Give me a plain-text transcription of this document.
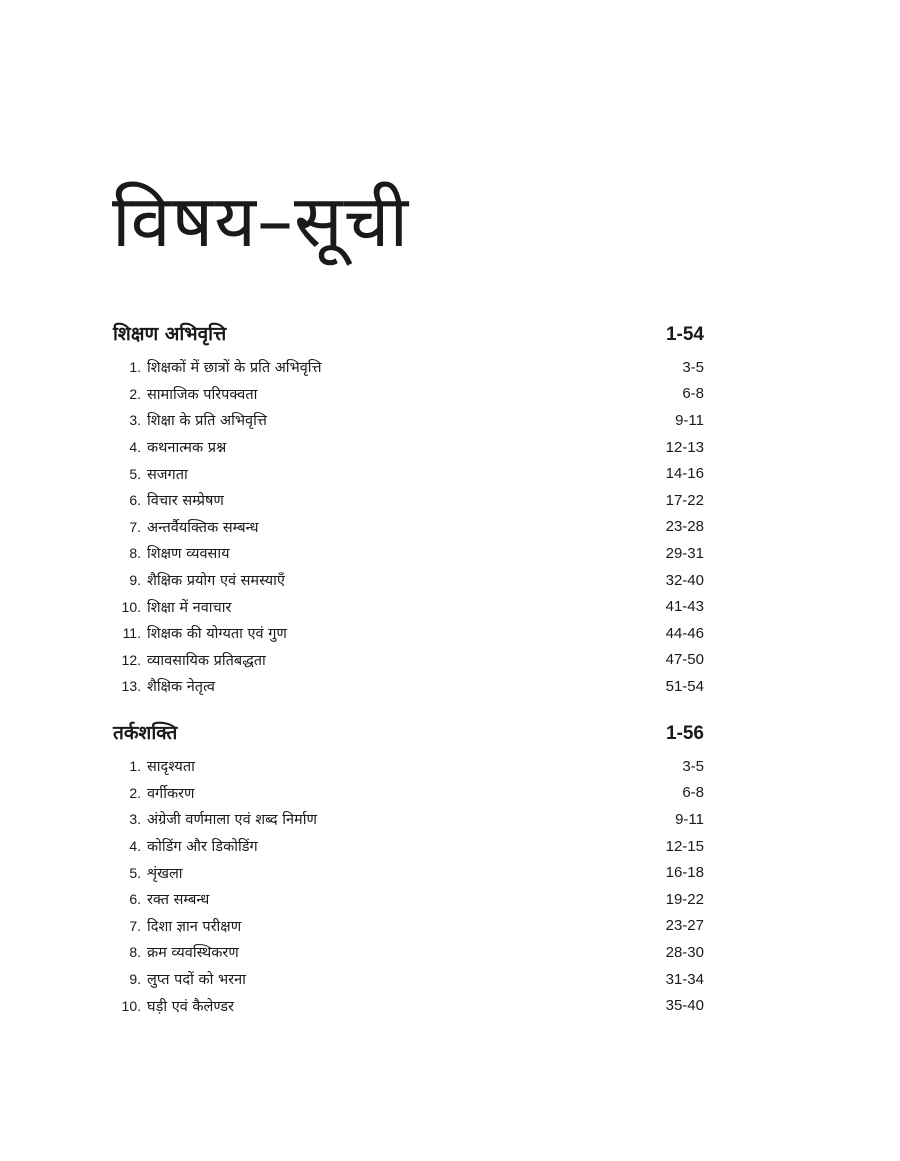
विषय–सूची
शिक्षण अभिवृत्ति	1-54
1. शिक्षकों में छात्रों के प्रति अभिवृत्ति	3-5
2. सामाजिक परिपक्वता	6-8
3. शिक्षा के प्रति अभिवृत्ति	9-11
4. कथनात्मक प्रश्न	12-13
5. सजगता	14-16
6. विचार सम्प्रेषण	17-22
7. अन्तर्वैयक्तिक सम्बन्ध	23-28
8. शिक्षण व्यवसाय	29-31
9. शैक्षिक प्रयोग एवं समस्याएँ	32-40
10. शिक्षा में नवाचार	41-43
11. शिक्षक की योग्यता एवं गुण	44-46
12. व्यावसायिक प्रतिबद्धता	47-50
13. शैक्षिक नेतृत्व	51-54
तर्कशक्ति	1-56
1. सादृश्यता	3-5
2. वर्गीकरण	6-8
3. अंग्रेजी वर्णमाला एवं शब्द निर्माण	9-11
4. कोडिंग और डिकोडिंग	12-15
5. शृंखला	16-18
6. रक्त सम्बन्ध	19-22
7. दिशा ज्ञान परीक्षण	23-27
8. क्रम व्यवस्थिकरण	28-30
9. लुप्त पदों को भरना	31-34
10. घड़ी एवं कैलेण्डर	35-40
